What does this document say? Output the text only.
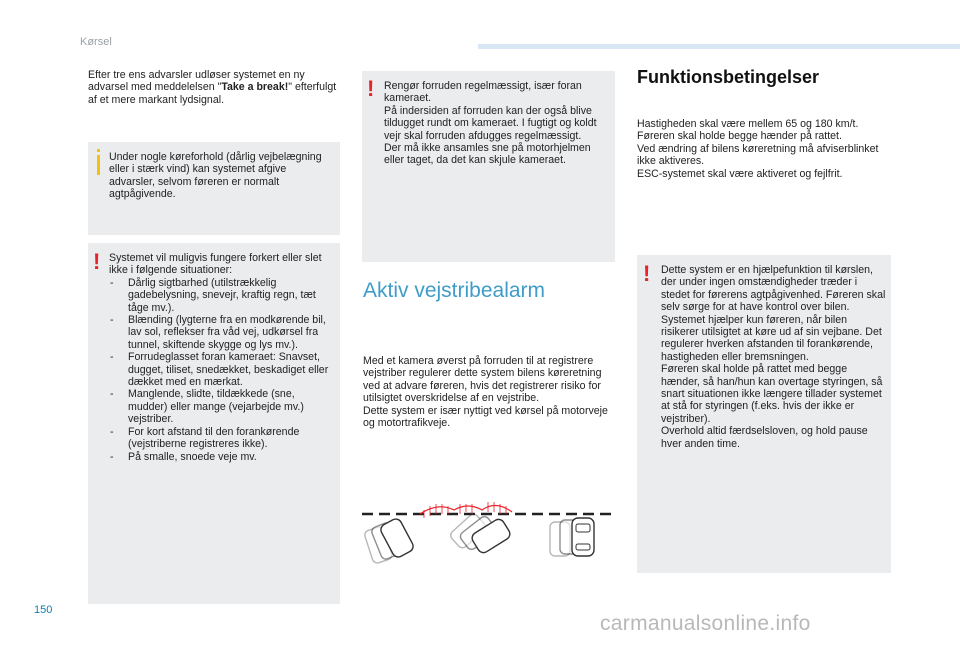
Kørsel

Efter tre ens advarsler udløser systemet en ny advarsel med meddelelsen "Take a break!" efterfulgt af et mere markant lydsignal.

Under nogle køreforhold (dårlig vejbelægning eller i stærk vind) kan systemet afgive advarsler, selvom føreren er normalt agtpågivende.

! Systemet vil muligvis fungere forkert eller slet ikke i følgende situationer:

- Dårlig sigtbarhed (utilstrækkelig gadebelysning, snevejr, kraftig regn, tæt tåge mv.).
- Blænding (lygterne fra en modkørende bil, lav sol, reflekser fra våd vej, udkørsel fra tunnel, skiftende skygge og lys mv.).
- Forrudeglasset foran kameraet: Snavset, dugget, tiliset, snedækket, beskadiget eller dækket med en mærkat.
- Manglende, slidte, tildækkede (sne, mudder) eller mange (vejarbejde mv.) vejstriber.
- For kort afstand til den forankørende (vejstriberne registreres ikke).
- På smalle, snoede veje mv.
! Rengør forruden regelmæssigt, især foran kameraet.

På indersiden af forruden kan der også blive tildugget rundt om kameraet. I fugtigt og koldt vejr skal forruden afdugges regelmæssigt.

Der må ikke ansamles sne på motorhjelmen eller taget, da det kan skjule kameraet.

Aktiv vejstribealarm

Med et kamera øverst på forruden til at registrere vejstriber regulerer dette system bilens køreretning ved at advare føreren, hvis det registrerer risiko for utilsigtet overskridelse af en vejstribe.

Dette system er især nyttigt ved kørsel på motorveje og motortrafikveje.

Funktionsbetingelser

Hastigheden skal være mellem 65 og 180 km/t.

Føreren skal holde begge hænder på rattet.

Ved ændring af bilens køreretning må afviserblinket ikke aktiveres.

ESC-systemet skal være aktiveret og fejlfrit.

! Dette system er en hjælpefunktion til kørslen, der under ingen omstændigheder træder i stedet for førerens agtpågivenhed. Føreren skal selv sørge for at have kontrol over bilen.

Systemet hjælper kun føreren, når bilen risikerer utilsigtet at køre ud af sin vejbane. Det regulerer hverken afstanden til forankørende, hastigheden eller bremsningen.

Føreren skal holde på rattet med begge hænder, så han/hun kan overtage styringen, så snart situationen ikke længere tillader systemet at stå for styringen (f.eks. hvis der ikke er vejstriber).

Overhold altid færdselsloven, og hold pause hver anden time.

150
carmanualsonline.info
